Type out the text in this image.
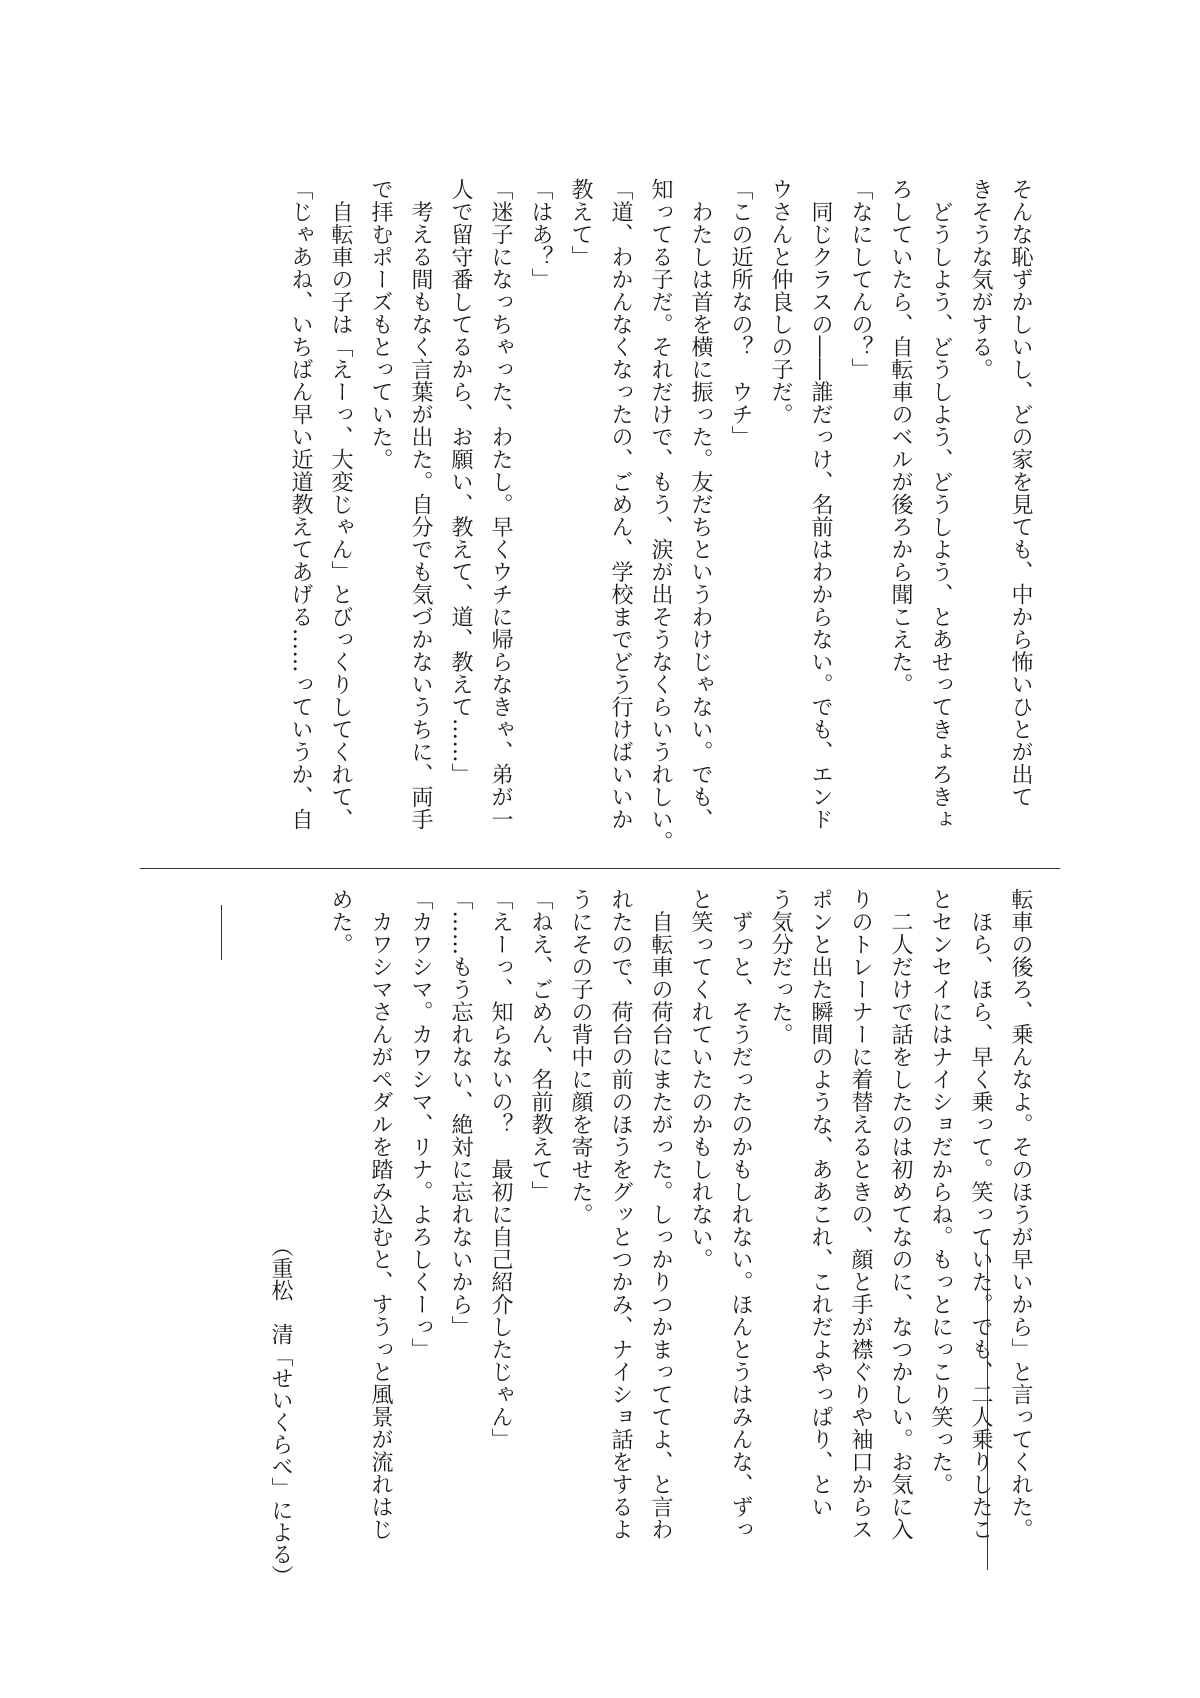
そんな恥ずかしいし、どの家を見ても、中から怖いひとが出て
きそうな気がする。
　どうしよう、どうしよう、どうしよう、とあせってきょろきょ
ろしていたら、自転車のベルが後ろから聞こえた。
「なにしてんの？」
　同じクラスの――誰だっけ、名前はわからない。でも、エンド
ウさんと仲良しの子だ。
「この近所なの？　ウチ」
　わたしは首を横に振った。友だちというわけじゃない。でも、
知ってる子だ。それだけで、もう、涙が出そうなくらいうれしい。
「道、わかんなくなったの、ごめん、学校までどう行けばいいか
教えて」
「はあ？」
「迷子になっちゃった、わたし。早くウチに帰らなきゃ、弟が一
人で留守番してるから、お願い、教えて、道、教えて……」
　考える間もなく言葉が出た。自分でも気づかないうちに、両手
で拝むポーズもとっていた。
　自転車の子は「えーっ、大変じゃん」とびっくりしてくれて、
「じゃあね、いちばん早い近道教えてあげる……っていうか、自
転車の後ろ、乗んなよ。そのほうが早いから」と言ってくれた。
　ほら、ほら、早く乗って。笑っていた。でも、二人乗りしたこ
とセンセイにはナイショだからね。もっとにっこり笑った。
　二人だけで話をしたのは初めてなのに、なつかしい。お気に入
りのトレーナーに着替えるときの、顔と手が襟ぐりや袖口からス
ポンと出た瞬間のような、ああこれ、これだよやっぱり、とい
う気分だった。
　ずっと、そうだったのかもしれない。ほんとうはみんな、ずっ
と笑ってくれていたのかもしれない。
　自転車の荷台にまたがった。しっかりつかまっててよ、と言わ
れたので、荷台の前のほうをグッとつかみ、ナイショ話をするよ
うにその子の背中に顔を寄せた。
「ねえ、ごめん、名前教えて」
「えーっ、知らないの？　最初に自己紹介したじゃん」
「……もう忘れない、絶対に忘れないから」
「カワシマ。カワシマ、リナ。よろしくーっ」
　カワシマさんがペダルを踏み込むと、すうっと風景が流れはじ
めた。
（重松　清「せいくらべ」による）
